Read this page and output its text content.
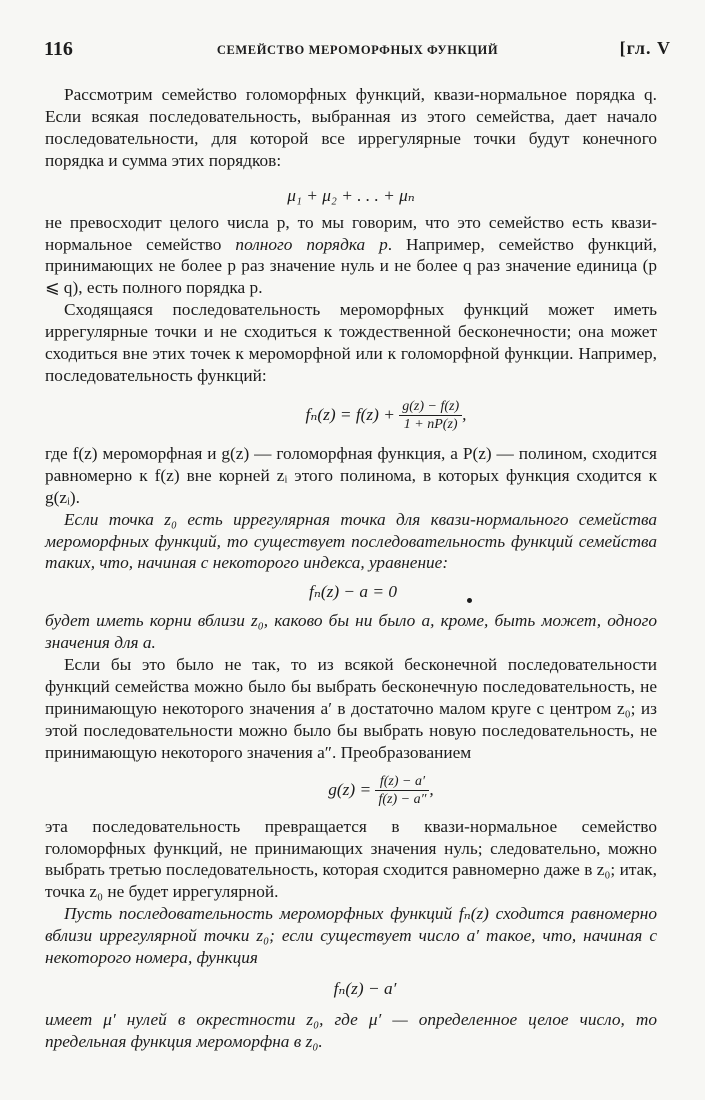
116	СЕМЕЙСТВО МЕРОМОРФНЫХ ФУНКЦИЙ	[гл. V

Рассмотрим семейство голоморфных функций, квази-нормальное порядка q. Если всякая последовательность, выбранная из этого семейства, дает начало последовательности, для которой все иррегулярные точки будут конечного порядка и сумма этих порядков:

μ₁ + μ₂ + . . . + μₙ

не превосходит целого числа p, то мы говорим, что это семейство есть квази-нормальное семейство полного порядка p. Например, семейство функций, принимающих не более p раз значение нуль и не более q раз значение единица (p ⩽ q), есть полного порядка p.

Сходящаяся последовательность мероморфных функций может иметь иррегулярные точки и не сходиться к тождественной бесконечности; она может сходиться вне этих точек к мероморфной или к голоморфной функции. Например, последовательность функций:

$f_n(z) = f(z) + \frac{g(z) - f(z)}{1 + nP(z)}$ ,

где f(z) мероморфная и g(z) — голоморфная функция, а P(z) — полином, сходится равномерно к f(z) вне корней zᵢ этого полинома, в которых функция сходится к g(zᵢ).

Если точка z₀ есть иррегулярная точка для квази-нормального семейства мероморфных функций, то существует последовательность функций семейства таких, что, начиная с некоторого индекса, уравнение:

fₙ(z) − a = 0

будет иметь корни вблизи z₀, каково бы ни было a, кроме, быть может, одного значения для a.

Если бы это было не так, то из всякой бесконечной последовательности функций семейства можно было бы выбрать бесконечную последовательность, не принимающую некоторого значения a′ в достаточно малом круге с центром z₀; из этой последовательности можно было бы выбрать новую последовательность, не принимающую некоторого значения a″. Преобразованием

$g(z) = \frac{f(z) - a'}{f(z) - a''}$ ,

эта последовательность превращается в квази-нормальное семейство голоморфных функций, не принимающих значения нуль; следовательно, можно выбрать третью последовательность, которая сходится равномерно даже в z₀; итак, точка z₀ не будет иррегулярной.

Пусть последовательность мероморфных функций fₙ(z) сходится равномерно вблизи иррегулярной точки z₀; если существует число a′ такое, что, начиная с некоторого номера, функция

fₙ(z) − a′

имеет μ′ нулей в окрестности z₀, где μ′ — определенное целое число, то предельная функция мероморфна в z₀.
